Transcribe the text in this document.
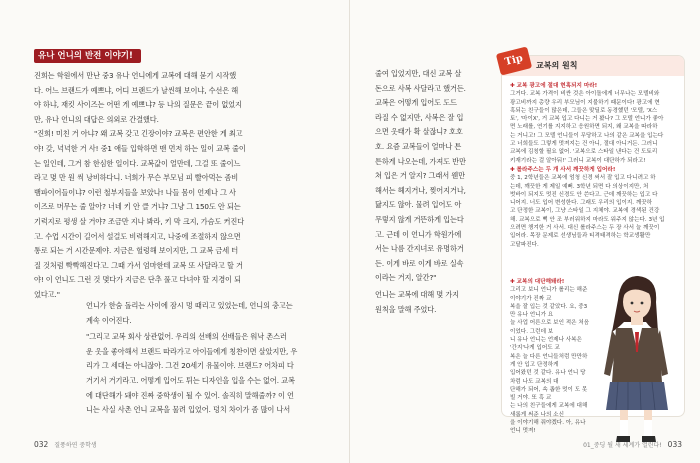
유나 언니의 반전 이야기!

진희는 학원에서 만난 중3 유나 언니에게 교복에 대해 묻기 시작했
다. 어느 브랜드가 예쁘냐, 어디 브랜드가 날씬해 보이냐, 수선은 해
야 하냐, 재킷 사이즈는 어떤 게 예쁘냐? 등 나의 질문은 끝이 없었지
만, 유나 언니의 대답은 의외로 간결했다.

"진희! 미친 거 아냐? 왜 교복 갖고 긴장이야? 교복은 편안한 게 최고
야! 갖, 넉넉한 거 사! 중1 애들 입학하면 맨 먼저 하는 일이 교복 줄이
는 일인데, 그거 참 한심한 일이다. 교복값이 얼만데, 그걸 또 줄이느
라고 몇 만 원 씩 낭비하다니. 너희가 무슨 부모님 피 빨아먹는 좀비
뱀파이어들이냐? 이런 철부지들을 보았나! 나들 몸이 언제나 그 사
이즈로 머무는 줄 알아? 너네 키 안 클 거냐? 그냥 그 150도 안 되는
기럭지로 평생 살 거야? 조금만 지나 봐라, 키 막 크지, 가슴도 커진다
고. 수업 시간이 길어서 설걸도 비력해지고, 나중에 조절하지 않으면
통로 되는 거 시간문제야. 지금은 헐렁해 보이지만, 그 교복 금세 터
질 것처럼 빡빡해진다고. 그때 가서 엄마한테 교복 또 사달라고 할 거
야! 이 언니도 그런 것 몇다가 지금은 단추 풀고 다녀야 할 지경이 되
었다고."

언니가 한숨 돌리는 사이에 잠시 멍 때리고 있었는데, 언니의 충고는
계속 이어진다.

"그리고 교복 회사 상관없어. 우리의 선배의 선배들은 워낙 촌스러
운 옷을 좋아해서 브랜드 따라가고 아이들에게 칭찬이면 살았지만, 우
리가 그 세대는 아니잖아. 그건 20세기 유물이야. 브랜드? 어차피 다
거기서 거기라고. 어떻게 입어도 튀는 디자인을 입을 수는 없어. 교복
에 대단해가 돼야 진짜 중학생이 될 수 있어. 솔직히 말해줄까? 이 언
니는 사실 사촌 언니 교복을 물려 입었어. 덩치 차이가 좀 많이 나서

032 질풍하연 중학생

줄여 입었지만, 대신 교복 살
돈으로 사복 사달라고 했거든.
교복은 어떻게 입어도 도드
라질 수 없지만, 사복은 잘 입
으면 옷태가 확 살잖니? 호호
호. 요즘 교복들이 얼마나 튼
튼하게 나오는데, 가져도 반만
쳐 입은 거 알지? 그래서 웬만
해서는 헤지거나, 찢어지거나,
닳지도 않아. 물려 입어도 아
무렇지 않게 거뜬하게 입는다
고. 근데 이 언니가 학원가에
서는 나름 간지녀로 유명하거
든. 이게 바로 이게 바로 실속
이라는 거지, 알간?"

언니는 교복에 대해 몇 가지
원칙을 말해 주었다.

01_중딩 될 새 세계가 열린다! 033
Tip	교복의 원칙
✚ 교복 광고에 절대 현혹되지 마라!
그거다. 교복 가격이 비싼 것은 아이돌에게 너무나는 모델비와
광고비까지 총량 우리 부모님이 지불하기 때문이다! 광고에 현
혹되는 친구들이 많은데, 그들은 맞딜로 동경했던 '모델, 'X스
토', '마이X', 거 교복 입고 다니는 거 봤나? 그 모델 언니가 좋아
면 노래를, 연기를 지지하고 응원하면 되지, 왜 교복을 따라하
는 거니고! 그 모델 언니들이 무당하고 나의 같은 교복을 입는다
고 너희들도 그렇게 멋져지는 건 아니, 절대 아니거든. 그러니
교복에 김칭할 필요 없어. '교복으로 스타일 낸다는 건 도토리
키재기라는 걸 알아둬!' 그러니 교복이 대단하가 되라고!
✚ 롤라주스는 두 개 사서 깨끗하게 입어라!
중 1, 2학년들은 교복에 엄청 신경 써서 잘 입고 다니려고 하
는데, 깨끗한 게 제일 예뻐. 3학년 되면 다 의상이지만, 처
벗바이 되지도 멋진 신경도 안 쓴다고. 근데 깨끗하는 입고 다
니어지. 너도 입어 변성한다. 그래도 우리의 입이지. 깨끗하
고 단정한 교복이, 그냥 스타일 그 지체야. 교복에 경색된 건강
해. 교복으로 뻑 안 조 부러워하지 마라도 워주지 않는다. 3년 입
으려면 챙겨한 거 사서. 대신 롤라주스는 두 장 사서 늘 깨끗이
입어라. 목장 문제로 선생님들과 티격태격하는 학교생활만
고달파진다.
✚ 교복의 대단해돼라!
그리고 보니 언니가 롤리는 해준 이야기가 진짜 교
복을 잘 입는 것 같았다. 요, 중3만 유나 언니가 요
늘 사업 어른으로 보인 적은 처음이었다. 그런데 보
니 유나 언니는 언제나 사복은 '간지'나게 입어도 교
복은 늘 다른 언니들처럼 만만하게 안 입고 단정하게
입어왔던 것 같다. 유나 언니 당차럼 나도 교복의 대
단해가 되어, 속 좁한 멋이 도 못 빌 거야. 또 흑 교
는 나의 친구들에게 교복에 대해 새롭게 써준 나의 소신
을 이야기해 줘야겠다. 아, 유나 언니 멋져!
